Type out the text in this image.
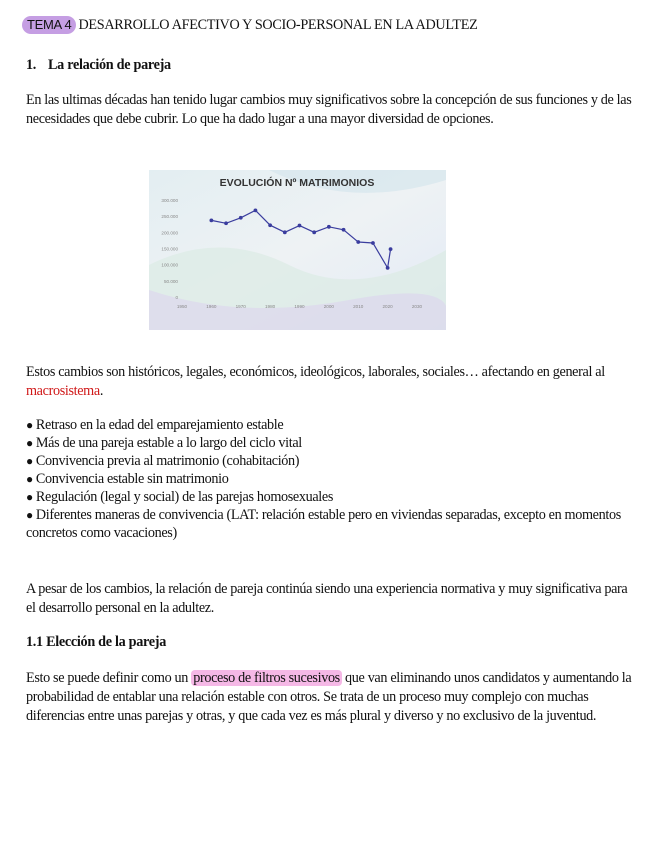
TEMA 4 DESARROLLO AFECTIVO Y SOCIO-PERSONAL EN LA ADULTEZ
1. La relación de pareja

En las ultimas décadas han tenido lugar cambios muy significativos sobre la concepción de sus funciones y de las necesidades que debe cubrir. Lo que ha dado lugar a una mayor diversidad de opciones.

EVOLUCIÓN Nº MATRIMONIOS
0
50.000
100.000
150.000
200.000
250.000
300.000
1950	1960	1970	1980	1990	2000	2010	2020	2030

Estos cambios son históricos, legales, económicos, ideológicos, laborales, sociales… afectando en general al macrosistema.

● Retraso en la edad del emparejamiento estable
● Más de una pareja estable a lo largo del ciclo vital
● Convivencia previa al matrimonio (cohabitación)
● Convivencia estable sin matrimonio
● Regulación (legal y social) de las parejas homosexuales
● Diferentes maneras de convivencia (LAT: relación estable pero en viviendas separadas, excepto en momentos concretos como vacaciones)

A pesar de los cambios, la relación de pareja continúa siendo una experiencia normativa y muy significativa para el desarrollo personal en la adultez.

1.1 Elección de la pareja

Esto se puede definir como un proceso de filtros sucesivos que van eliminando unos candidatos y aumentando la probabilidad de entablar una relación estable con otros. Se trata de un proceso muy complejo con muchas diferencias entre unas parejas y otras, y que cada vez es más plural y diverso y no exclusivo de la juventud.
